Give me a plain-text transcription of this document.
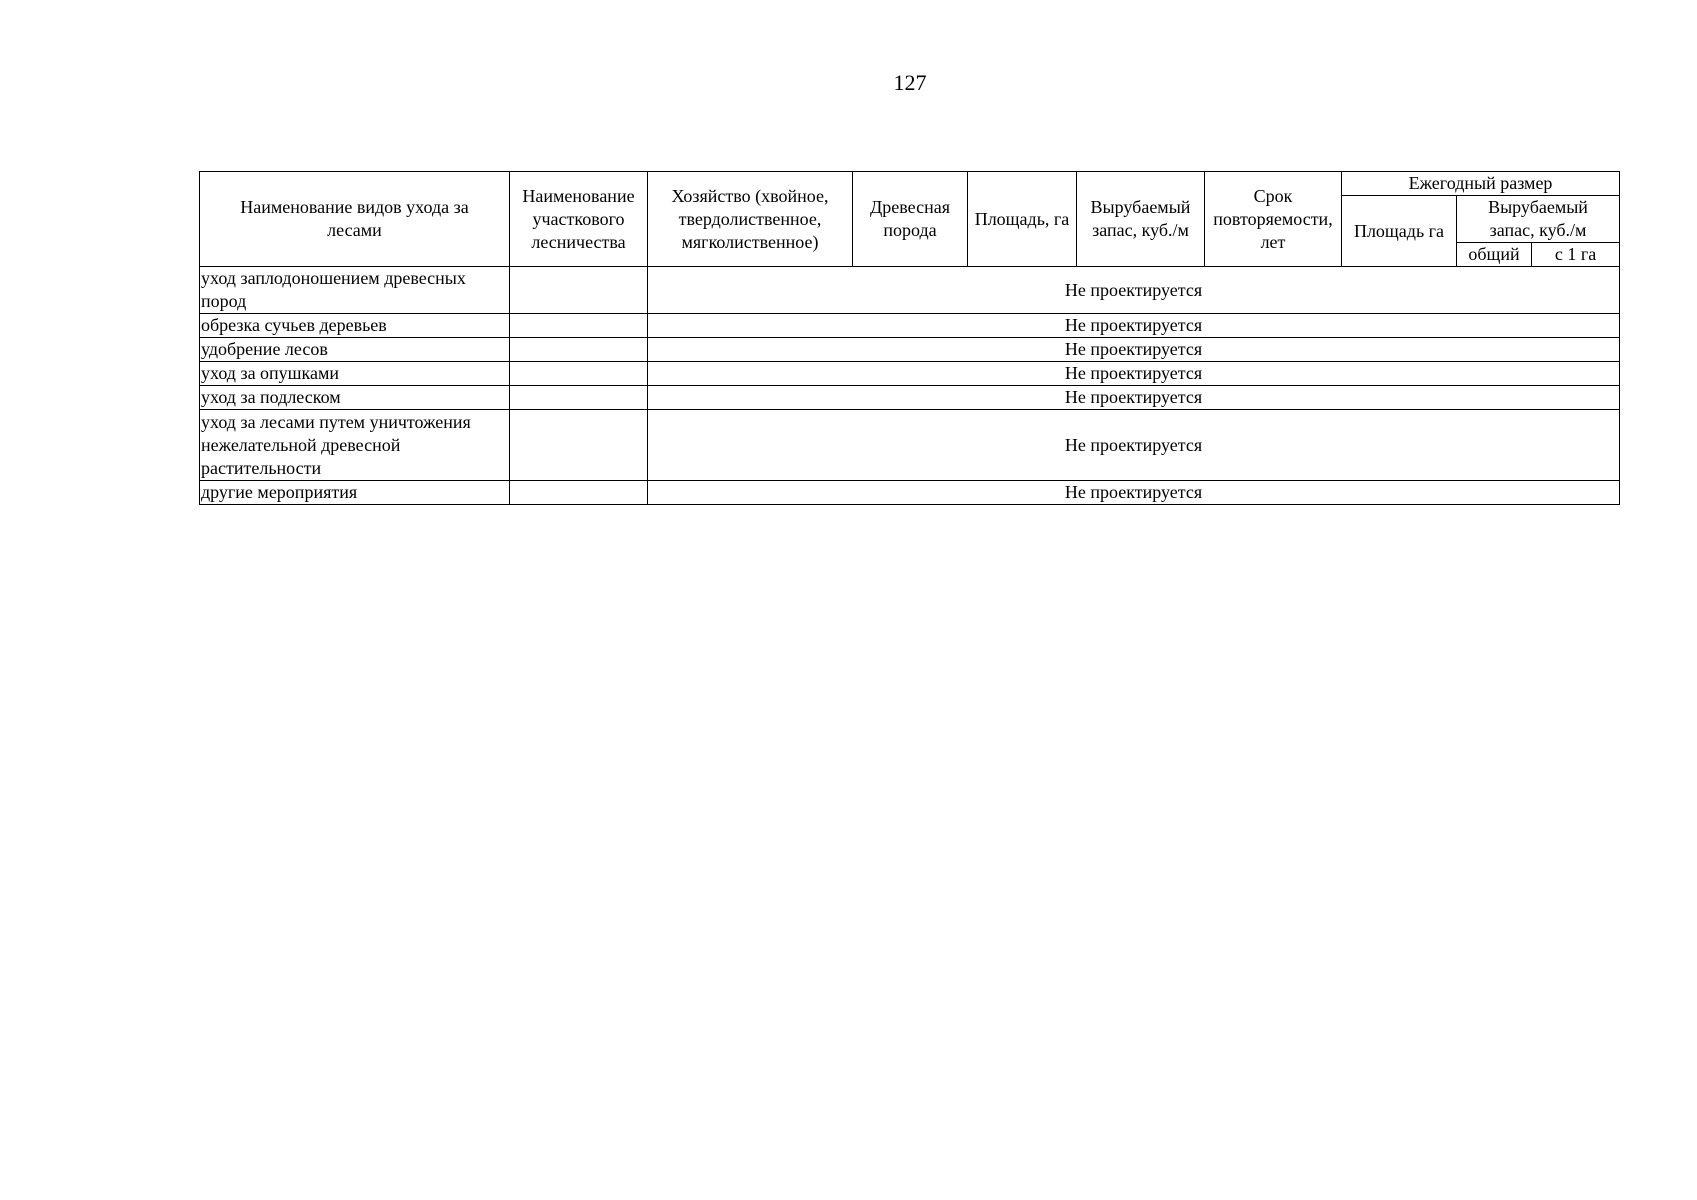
127
Наименование видов ухода за лесами	Наименование участкового лесничества	Хозяйство (хвойное, твердолиственное, мягколиственное)	Древесная порода	Площадь, га	Вырубаемый запас, куб./м	Срок повторяемости, лет	Ежегодный размер		
							Площадь га	Вырубаемый запас, куб./м	
								общий	с 1 га
уход заплодоношением древесных пород		Не проектируется							
обрезка сучьев деревьев		Не проектируется							
удобрение лесов		Не проектируется							
уход за опушками		Не проектируется							
уход за подлеском		Не проектируется							
уход за лесами путем уничтожения нежелательной древесной растительности		Не проектируется							
другие мероприятия		Не проектируется							
